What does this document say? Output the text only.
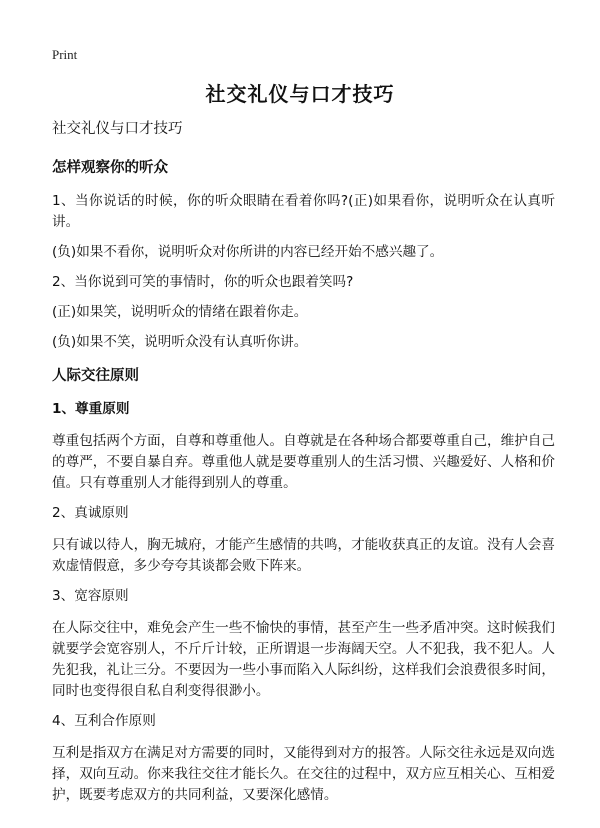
Print
社交礼仪与口才技巧

社交礼仪与口才技巧

怎样观察你的听众

1、当你说话的时候，你的听众眼睛在看着你吗?(正)如果看你，说明听众在认真听讲。

(负)如果不看你，说明听众对你所讲的内容已经开始不感兴趣了。

2、当你说到可笑的事情时，你的听众也跟着笑吗?

(正)如果笑，说明听众的情绪在跟着你走。

(负)如果不笑，说明听众没有认真听你讲。

人际交往原则

1、尊重原则

尊重包括两个方面，自尊和尊重他人。自尊就是在各种场合都要尊重自己，维护自己的尊严，不要自暴自弃。尊重他人就是要尊重别人的生活习惯、兴趣爱好、人格和价值。只有尊重别人才能得到别人的尊重。

2、真诚原则

只有诚以待人，胸无城府，才能产生感情的共鸣，才能收获真正的友谊。没有人会喜欢虚情假意，多少夸夸其谈都会败下阵来。

3、宽容原则

在人际交往中，难免会产生一些不愉快的事情，甚至产生一些矛盾冲突。这时候我们就要学会宽容别人，不斤斤计较，正所谓退一步海阔天空。人不犯我，我不犯人。人先犯我，礼让三分。不要因为一些小事而陷入人际纠纷，这样我们会浪费很多时间，同时也变得很自私自利变得很渺小。

4、互利合作原则

互利是指双方在满足对方需要的同时，又能得到对方的报答。人际交往永远是双向选择，双向互动。你来我往交往才能长久。在交往的过程中，双方应互相关心、互相爱护，既要考虑双方的共同利益，又要深化感情。
